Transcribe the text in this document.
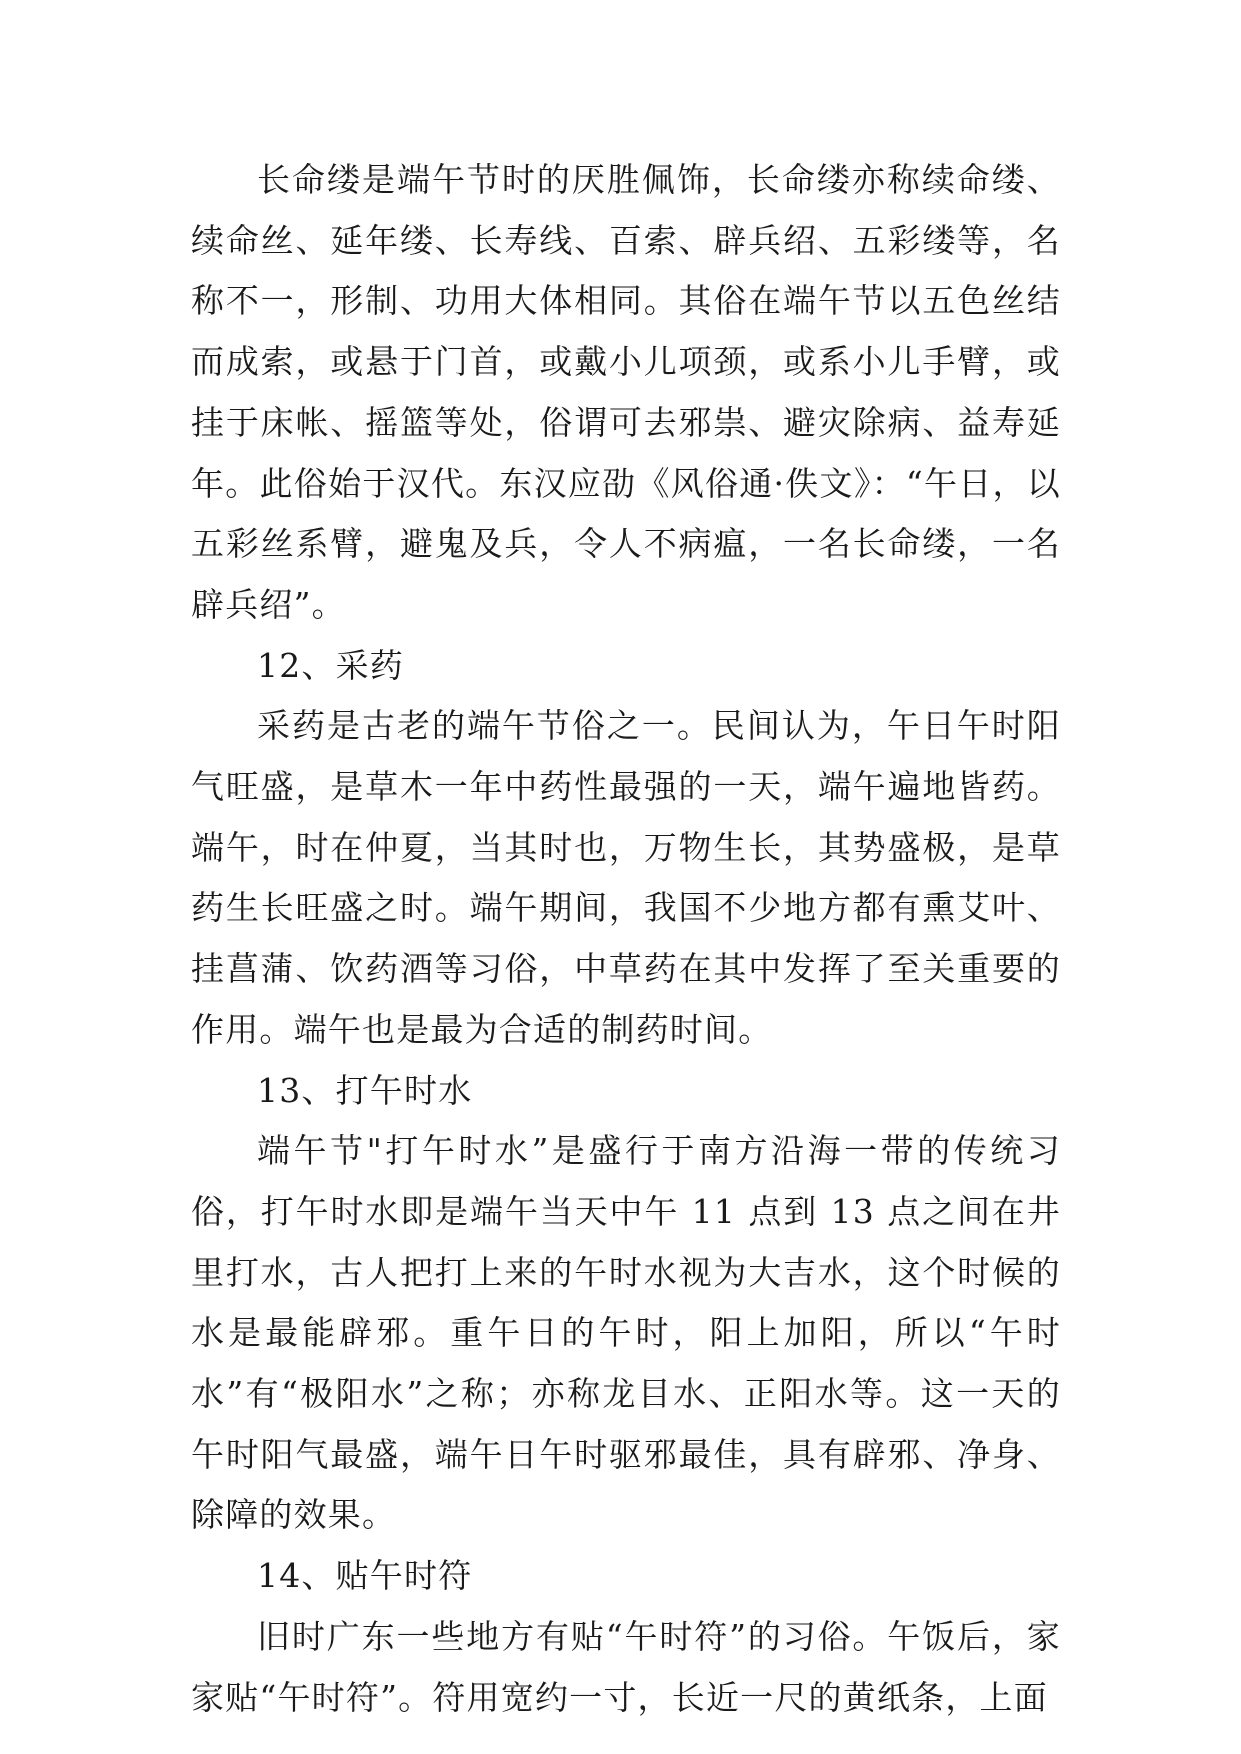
长命缕是端午节时的厌胜佩饰，长命缕亦称续命缕、续命丝、延年缕、长寿线、百索、辟兵绍、五彩缕等，名称不一，形制、功用大体相同。其俗在端午节以五色丝结而成索，或悬于门首，或戴小儿项颈，或系小儿手臂，或挂于床帐、摇篮等处，俗谓可去邪祟、避灾除病、益寿延年。此俗始于汉代。东汉应劭《风俗通·佚文》：“午日，以五彩丝系臂，避鬼及兵，令人不病瘟，一名长命缕，一名辟兵绍”。

12、采药

采药是古老的端午节俗之一。民间认为，午日午时阳气旺盛，是草木一年中药性最强的一天，端午遍地皆药。端午，时在仲夏，当其时也，万物生长，其势盛极，是草药生长旺盛之时。端午期间，我国不少地方都有熏艾叶、挂菖蒲、饮药酒等习俗，中草药在其中发挥了至关重要的作用。端午也是最为合适的制药时间。

13、打午时水

端午节"打午时水”是盛行于南方沿海一带的传统习俗，打午时水即是端午当天中午 11 点到 13 点之间在井里打水，古人把打上来的午时水视为大吉水，这个时候的水是最能辟邪。重午日的午时，阳上加阳，所以“午时水”有“极阳水”之称；亦称龙目水、正阳水等。这一天的午时阳气最盛，端午日午时驱邪最佳，具有辟邪、净身、除障的效果。

14、贴午时符

旧时广东一些地方有贴“午时符”的习俗。午饭后，家家贴“午时符”。符用宽约一寸，长近一尺的黄纸条，上面
